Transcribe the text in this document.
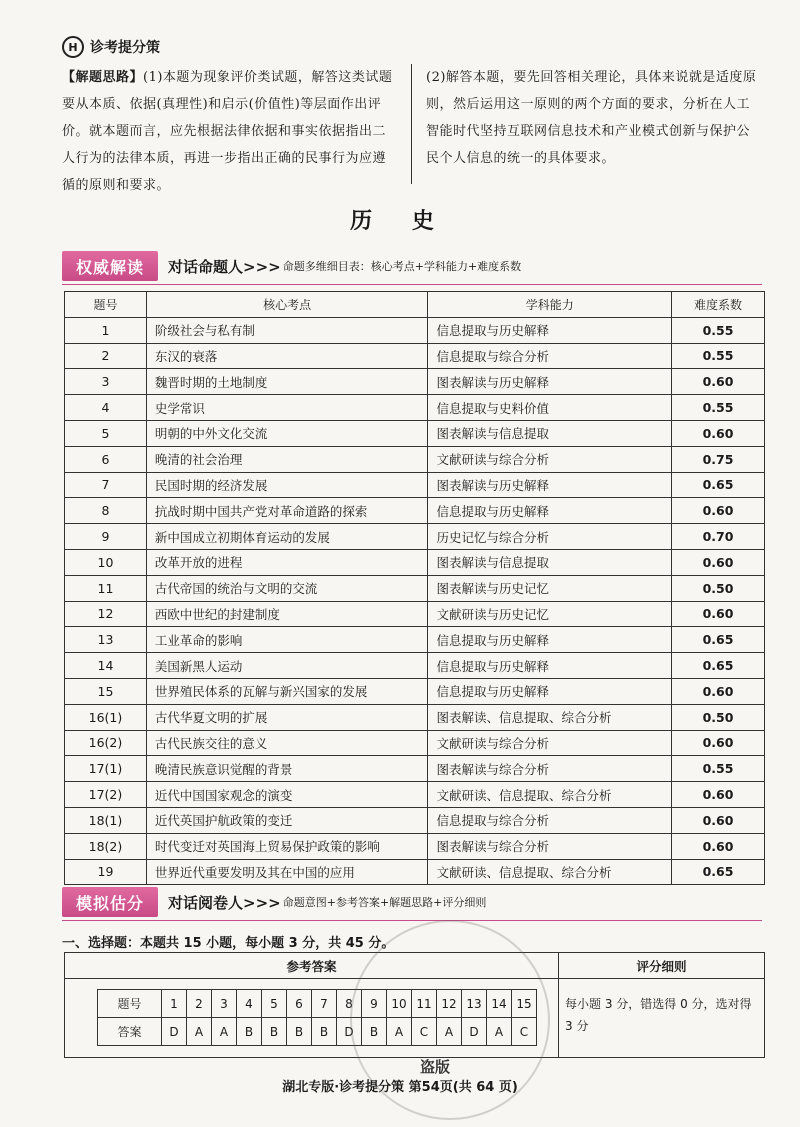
H 诊考提分策
【解题思路】(1)本题为现象评价类试题，解答这类试题要从本质、依据(真理性)和启示(价值性)等层面作出评价。就本题而言，应先根据法律依据和事实依据指出二人行为的法律本质，再进一步指出正确的民事行为应遵循的原则和要求。
(2)解答本题，要先回答相关理论，具体来说就是适度原则，然后运用这一原则的两个方面的要求，分析在人工智能时代坚持互联网信息技术和产业模式创新与保护公民个人信息的统一的具体要求。
历 史
权威解读	对话命题人>>> 命题多维细目表：核心考点+学科能力+难度系数
题号	核心考点	学科能力	难度系数
1	阶级社会与私有制	信息提取与历史解释	0.55
2	东汉的衰落	信息提取与综合分析	0.55
3	魏晋时期的土地制度	图表解读与历史解释	0.60
4	史学常识	信息提取与史料价值	0.55
5	明朝的中外文化交流	图表解读与信息提取	0.60
6	晚清的社会治理	文献研读与综合分析	0.75
7	民国时期的经济发展	图表解读与历史解释	0.65
8	抗战时期中国共产党对革命道路的探索	信息提取与历史解释	0.60
9	新中国成立初期体育运动的发展	历史记忆与综合分析	0.70
10	改革开放的进程	图表解读与信息提取	0.60
11	古代帝国的统治与文明的交流	图表解读与历史记忆	0.50
12	西欧中世纪的封建制度	文献研读与历史记忆	0.60
13	工业革命的影响	信息提取与历史解释	0.65
14	美国新黑人运动	信息提取与历史解释	0.65
15	世界殖民体系的瓦解与新兴国家的发展	信息提取与历史解释	0.60
16(1)	古代华夏文明的扩展	图表解读、信息提取、综合分析	0.50
16(2)	古代民族交往的意义	文献研读与综合分析	0.60
17(1)	晚清民族意识觉醒的背景	图表解读与综合分析	0.55
17(2)	近代中国国家观念的演变	文献研读、信息提取、综合分析	0.60
18(1)	近代英国护航政策的变迁	信息提取与综合分析	0.60
18(2)	时代变迁对英国海上贸易保护政策的影响	图表解读与综合分析	0.60
19	世界近代重要发明及其在中国的应用	文献研读、信息提取、综合分析	0.65
模拟估分	对话阅卷人>>> 命题意图+参考答案+解题思路+评分细则
一、选择题：本题共 15 小题，每小题 3 分，共 45 分。
参考答案
题号	1	2	3	4	5	6	7	8	9	10	11	12	13	14	15
答案	D	A	A	B	B	B	B	D	B	A	C	A	D	A	C
评分细则
每小题 3 分，错选得 0 分，选对得 3 分
盗版
湖北专版·诊考提分策 第54页(共 64 页)
